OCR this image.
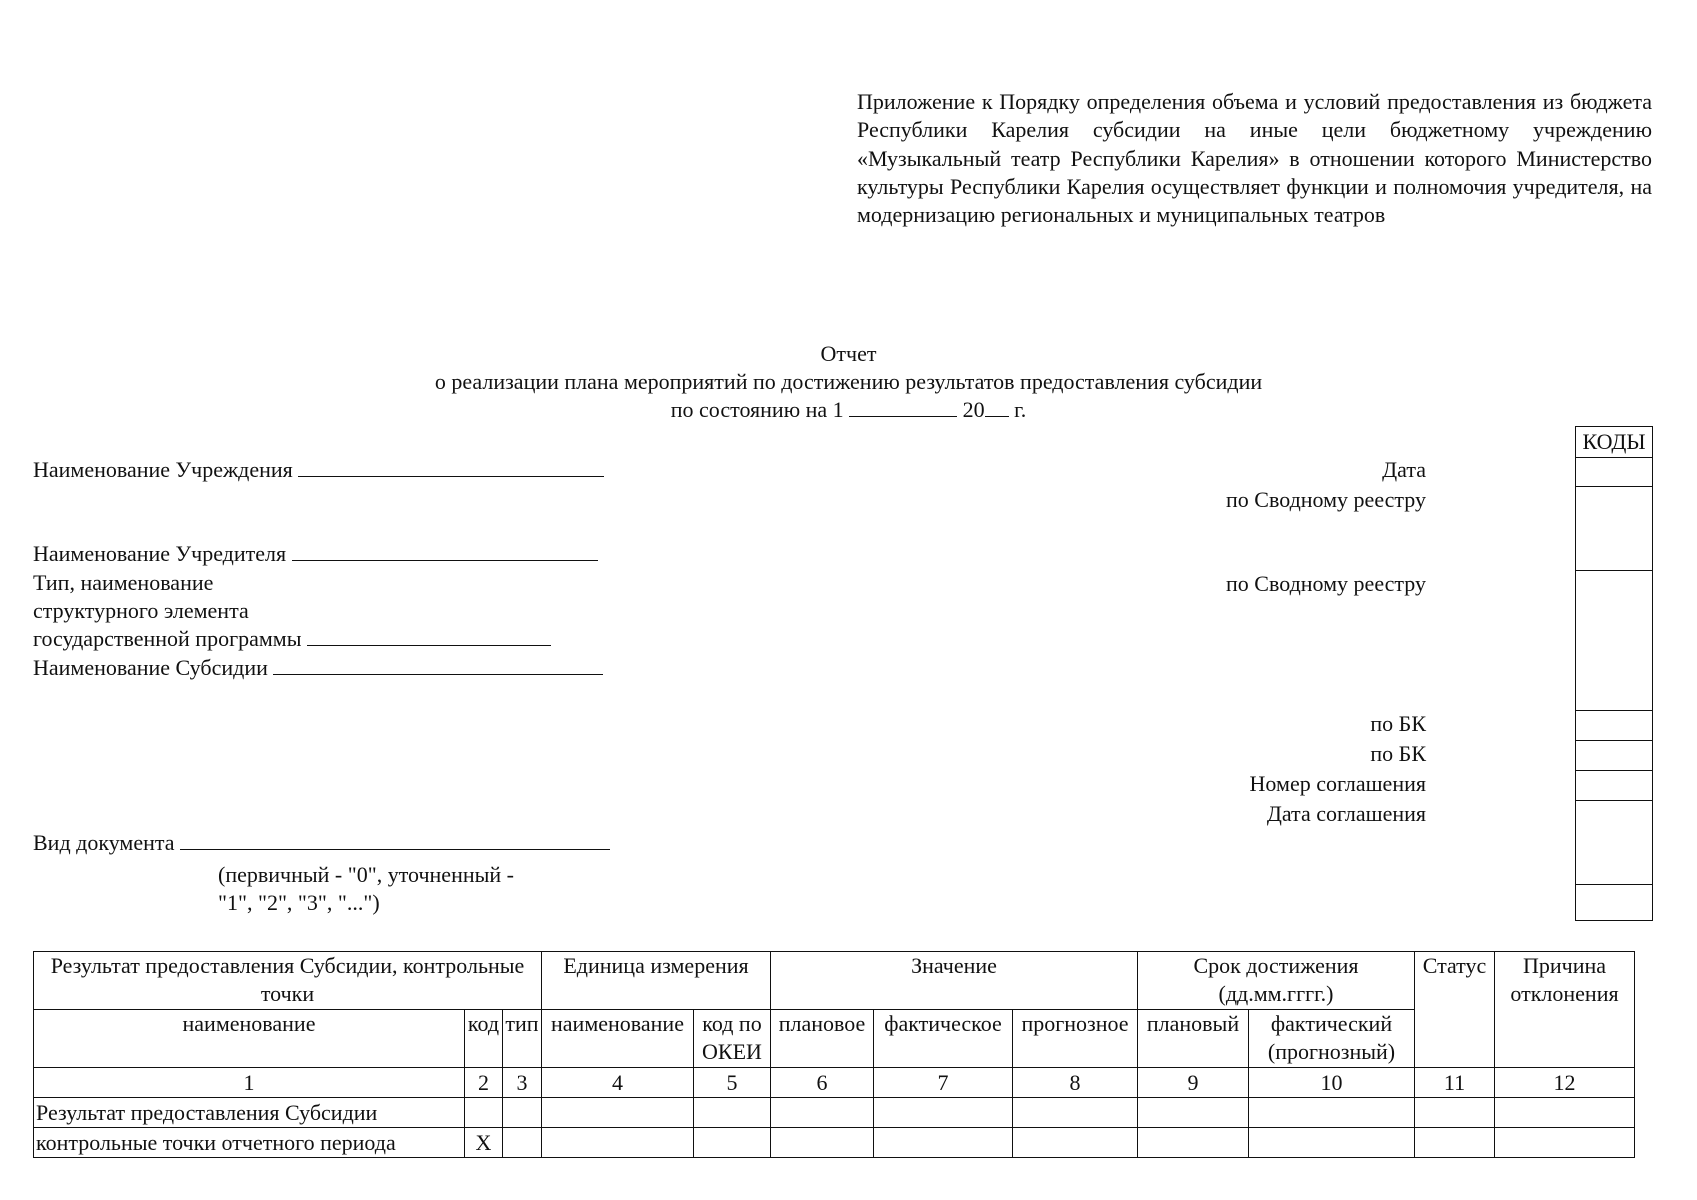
Приложение к Порядку определения объема и условий предоставления из бюджета Республики Карелия субсидии на иные цели бюджетному учреждению «Музыкальный театр Республики Карелия» в отношении которого Министерство культуры Республики Карелия осуществляет функции и полномочия учредителя, на модернизацию региональных и муниципальных театров
Отчет
о реализации плана мероприятий по достижению результатов предоставления субсидии
по состоянию на 1	20 г.
Наименование Учреждения
Наименование Учредителя
Тип, наименование
структурного элемента
государственной программы
Наименование Субсидии
Вид документа
(первичный - "0", уточненный -
"1", "2", "3", "...")
Дата
по Сводному реестру
по Сводному реестру
по БК
по БК
Номер соглашения
Дата соглашения
КОДЫ
Результат предоставления Субсидии, контрольные точки			Единица измерения		Значение			Срок достижения (дд.мм.гггг.)		Статус	Причина отклонения
наименование	код	тип	наименование	код по ОКЕИ	плановое	фактическое	прогнозное	плановый	фактический (прогнозный)		
1	2	3	4	5	6	7	8	9	10	11	12
Результат предоставления Субсидии											
контрольные точки отчетного периода	X										
